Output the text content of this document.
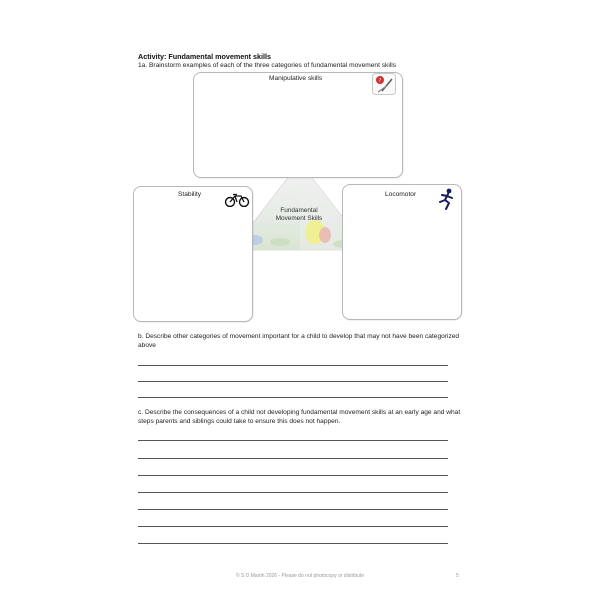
Activity: Fundamental movement skills
1a. Brainstorm examples of each of the three categories of fundamental movement skills
Manipulative skills	?
Stability	Locomotor
Fundamental
Movement Skills
b. Describe other categories of movement important for a child to develop that may not have been categorized above
c. Describe the consequences of a child not developing fundamental movement skills at an early age and what steps parents and siblings could take to ensure this does not happen.
© S D Martin 2026 - Please do not photocopy or distribute	5
